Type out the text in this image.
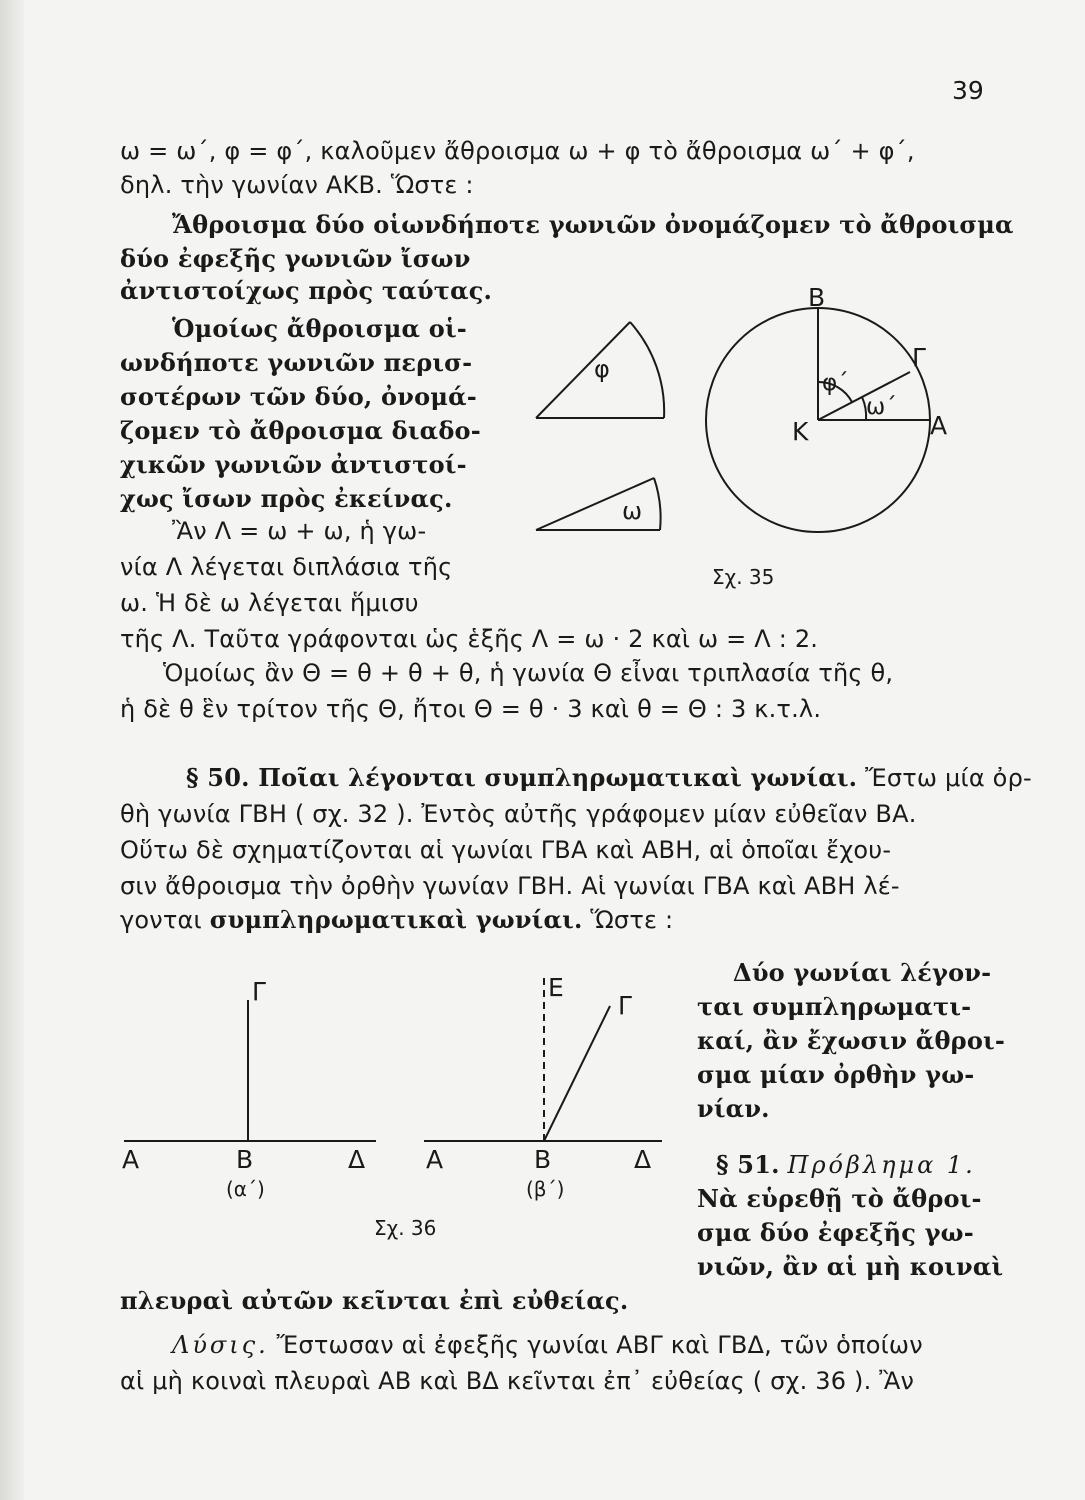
39
ω = ω΄, φ = φ΄, καλοῦμεν ἄθροισμα ω + φ τὸ ἄθροισμα ω΄ + φ΄,
δηλ. τὴν γωνίαν ΑΚΒ. Ὥστε :
Ἄθροισμα δύο οἱωνδήποτε γωνιῶν ὀνομάζομεν τὸ ἄθροισμα
δύο ἐφεξῆς γωνιῶν ἴσων
ἀντιστοίχως πρὸς ταύτας.
Ὁμοίως ἄθροισμα οἱ-
ωνδήποτε γωνιῶν περισ-
σοτέρων τῶν δύο, ὀνομά-
ζομεν τὸ ἄθροισμα διαδο-
χικῶν γωνιῶν ἀντιστοί-
χως ἴσων πρὸς ἐκείνας.
Ἂν Λ = ω + ω, ἡ γω-
νία Λ λέγεται διπλάσια τῆς
ω. Ἡ δὲ ω λέγεται ἥμισυ
τῆς Λ. Ταῦτα γράφονται ὡς ἑξῆς Λ = ω · 2 καὶ ω = Λ : 2.
Ὁμοίως ἂν Θ = θ + θ + θ, ἡ γωνία Θ εἶναι τριπλασία τῆς θ,
ἡ δὲ θ ἓν τρίτον τῆς Θ, ἤτοι Θ = θ · 3 καὶ θ = Θ : 3 κ.τ.λ.
§ 50. Ποῖαι λέγονται συμπληρωματικαὶ γωνίαι. Ἔστω μία ὀρ-
θὴ γωνία ΓΒΗ ( σχ. 32 ). Ἐντὸς αὐτῆς γράφομεν μίαν εὐθεῖαν ΒΑ.
Οὕτω δὲ σχηματίζονται αἱ γωνίαι ΓΒΑ καὶ ΑΒΗ, αἱ ὁποῖαι ἔχου-
σιν ἄθροισμα τὴν ὀρθὴν γωνίαν ΓΒΗ. Αἱ γωνίαι ΓΒΑ καὶ ΑΒΗ λέ-
γονται συμπληρωματικαὶ γωνίαι. Ὥστε :
Δύο γωνίαι λέγον-
ται συμπληρωματι-
καί, ἂν ἔχωσιν ἄθροι-
σμα μίαν ὀρθὴν γω-
νίαν.
§ 51. Πρόβλημα 1.
Νὰ εὑρεθῇ τὸ ἄθροι-
σμα δύο ἐφεξῆς γω-
νιῶν, ἂν αἱ μὴ κοιναὶ
πλευραὶ αὐτῶν κεῖνται ἐπὶ εὐθείας.
Λύσις. Ἔστωσαν αἱ ἐφεξῆς γωνίαι ΑΒΓ καὶ ΓΒΔ, τῶν ὁποίων
αἱ μὴ κοιναὶ πλευραὶ ΑΒ καὶ ΒΔ κεῖνται ἐπ᾽ εὐθείας ( σχ. 36 ). Ἂν
φ
ω
Β
Γ
Κ	Α
φ΄
ω΄
Σχ. 35
Α	Β	Δ
Γ
Α	Β	Δ
Ε
Γ
(α΄)	(β΄)
Σχ. 36
